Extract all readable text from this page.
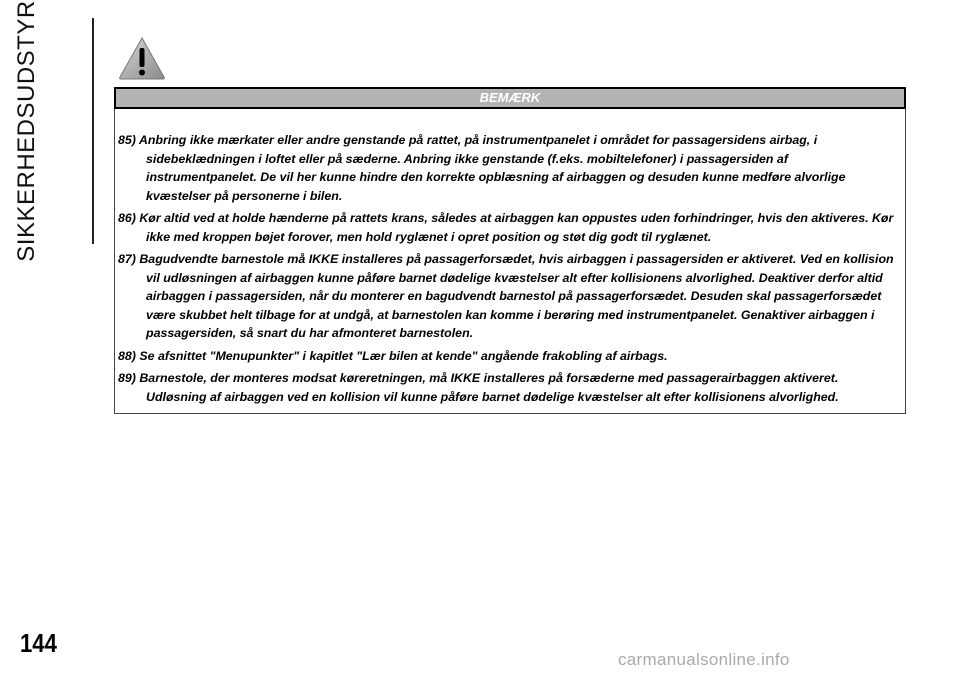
SIKKERHEDSUDSTYR	BEMÆRK
85) Anbring ikke mærkater eller andre genstande på rattet, på instrumentpanelet i området for passagersidens airbag, i sidebeklædningen i loftet eller på sæderne. Anbring ikke genstande (f.eks. mobiltelefoner) i passagersiden af instrumentpanelet. De vil her kunne hindre den korrekte opblæsning af airbaggen og desuden kunne medføre alvorlige kvæstelser på personerne i bilen.
86) Kør altid ved at holde hænderne på rattets krans, således at airbaggen kan oppustes uden forhindringer, hvis den aktiveres. Kør ikke med kroppen bøjet forover, men hold ryglænet i opret position og støt dig godt til ryglænet.
87) Bagudvendte barnestole må IKKE installeres på passagerforsædet, hvis airbaggen i passagersiden er aktiveret. Ved en kollision vil udløsningen af airbaggen kunne påføre barnet dødelige kvæstelser alt efter kollisionens alvorlighed. Deaktiver derfor altid airbaggen i passagersiden, når du monterer en bagudvendt barnestol på passagerforsædet. Desuden skal passagerforsædet være skubbet helt tilbage for at undgå, at barnestolen kan komme i berøring med instrumentpanelet. Genaktiver airbaggen i passagersiden, så snart du har afmonteret barnestolen.
88) Se afsnittet "Menupunkter" i kapitlet "Lær bilen at kende" angående frakobling af airbags.
89) Barnestole, der monteres modsat køreretningen, må IKKE installeres på forsæderne med passagerairbaggen aktiveret. Udløsning af airbaggen ved en kollision vil kunne påføre barnet dødelige kvæstelser alt efter kollisionens alvorlighed.
144
carmanualsonline.info
